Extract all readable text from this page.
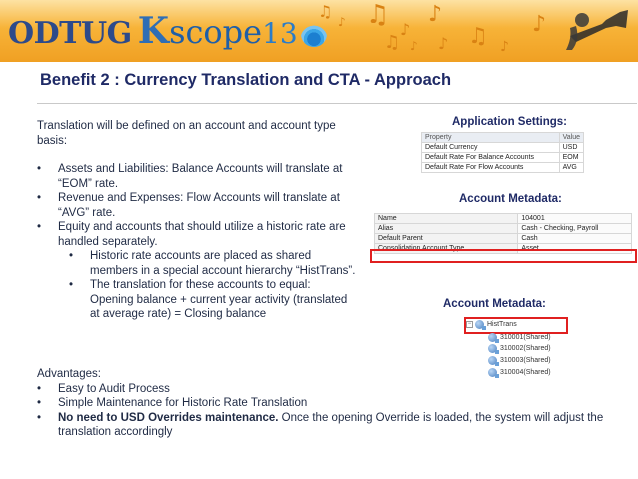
ODTUG Kscope 13
♫
♪ ♫ ♪
♪
♫ ♪ ♪ ♫ ♪
♪
Benefit 2 : Currency Translation and CTA - Approach

Translation will be defined on an account and account type basis:

• Assets and Liabilities: Balance Accounts will translate at “EOM” rate.
• Revenue and Expenses: Flow Accounts will translate at “AVG” rate.
• Equity and accounts that should utilize a historic rate are handled separately.
• Historic rate accounts are placed as shared members in a special account hierarchy “HistTrans”.
• The translation for these accounts to equal: Opening balance + current year activity (translated at average rate) = Closing balance
Advantages:
• Easy to Audit Process
• Simple Maintenance for Historic Rate Translation
• No need to USD Overrides maintenance. Once the opening Override is loaded, the system will adjust the translation accordingly
Application Settings:
Property	Value
Default Currency	USD
Default Rate For Balance Accounts	EOM
Default Rate For Flow Accounts	AVG
Account Metadata:
Name	104001
Alias	Cash - Checking, Payroll
Default Parent	Cash
Consolidation Account Type	Asset
Account Metadata:
− HistTrans
310001(Shared)
310002(Shared)
310003(Shared)
310004(Shared)
